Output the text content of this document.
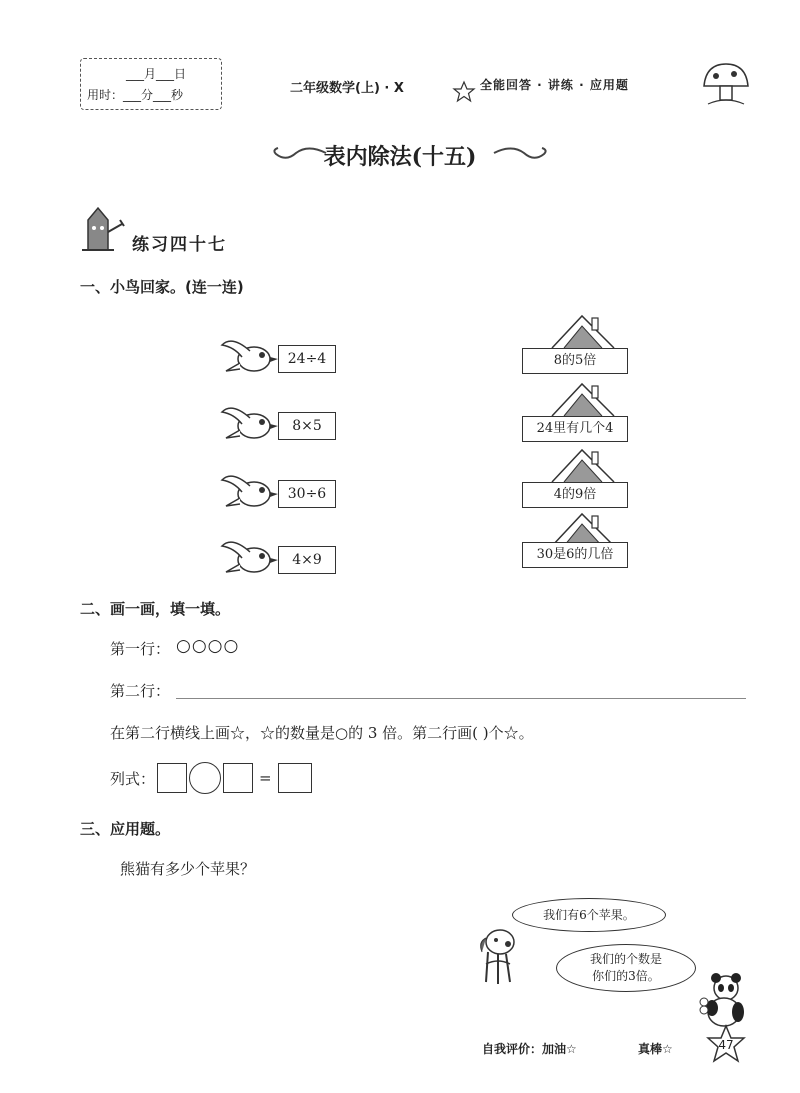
___月___日
用时：___分___秒	二年级数学(上) · X	全能回答 · 讲练 · 应用题
表内除法(十五)
练习四十七
一、小鸟回家。(连一连)
24÷4
8×5
30÷6
4×9
8的5倍
24里有几个4
4的9倍
30是6的几倍
二、画一画，填一填。
第一行： ○○○○
第二行：
在第二行横线上画☆，☆的数量是○的 3 倍。第二行画( )个☆。
列式：	=
三、应用题。
熊猫有多少个苹果？
我们有6个苹果。
我们的个数是
你们的3倍。
自我评价：加油☆	真棒☆	47
